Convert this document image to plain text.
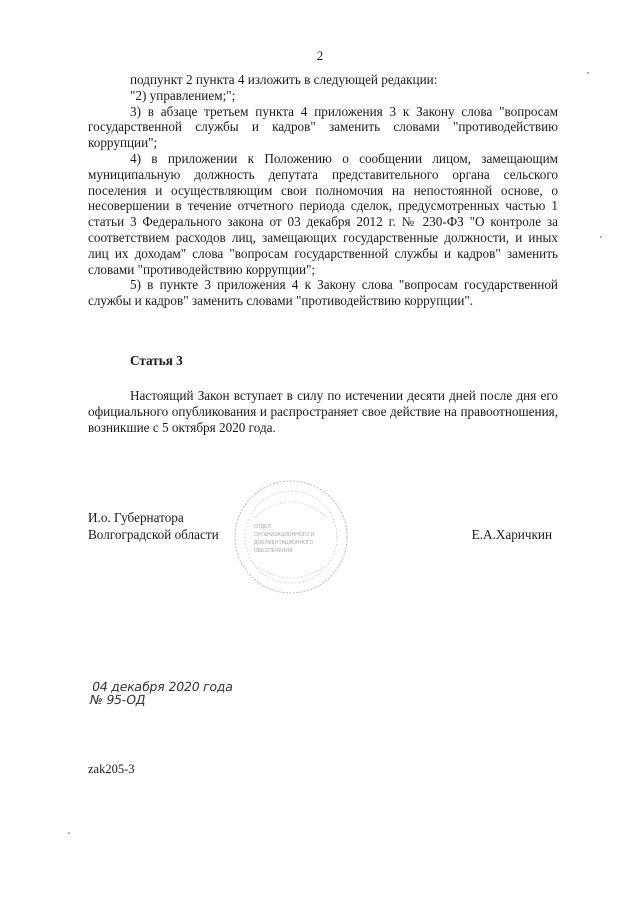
2

подпункт 2 пункта 4 изложить в следующей редакции:

"2) управлением;";

3) в абзаце третьем пункта 4 приложения 3 к Закону слова "вопросам государственной службы и кадров" заменить словами "противодействию коррупции";

4) в приложении к Положению о сообщении лицом, замещающим муниципальную должность депутата представительного органа сельского поселения и осуществляющим свои полномочия на непостоянной основе, о несовершении в течение отчетного периода сделок, предусмотренных частью 1 статьи 3 Федерального закона от 03 декабря 2012 г. № 230-ФЗ "О контроле за соответствием расходов лиц, замещающих государственные должности, и иных лиц их доходам" слова "вопросам государственной службы и кадров" заменить словами "противодействию коррупции";

5) в пункте 3 приложения 4 к Закону слова "вопросам государственной службы и кадров" заменить словами "противодействию коррупции".

Статья 3

Настоящий Закон вступает в силу по истечении десяти дней после дня его официального опубликования и распространяет свое действие на правоотношения, возникшие с 5 октября 2020 года.

И.о. Губернатора
Волгоградской области	Е.А.Харичкин
ОТДЕЛ
ОРГАНИЗАЦИОННОГО И
ДОКУМЕНТАЦИОННОГО
ОБЕСПЕЧЕНИЯ
04 декабря 2020 года
№ 95-ОД
zak205-3
